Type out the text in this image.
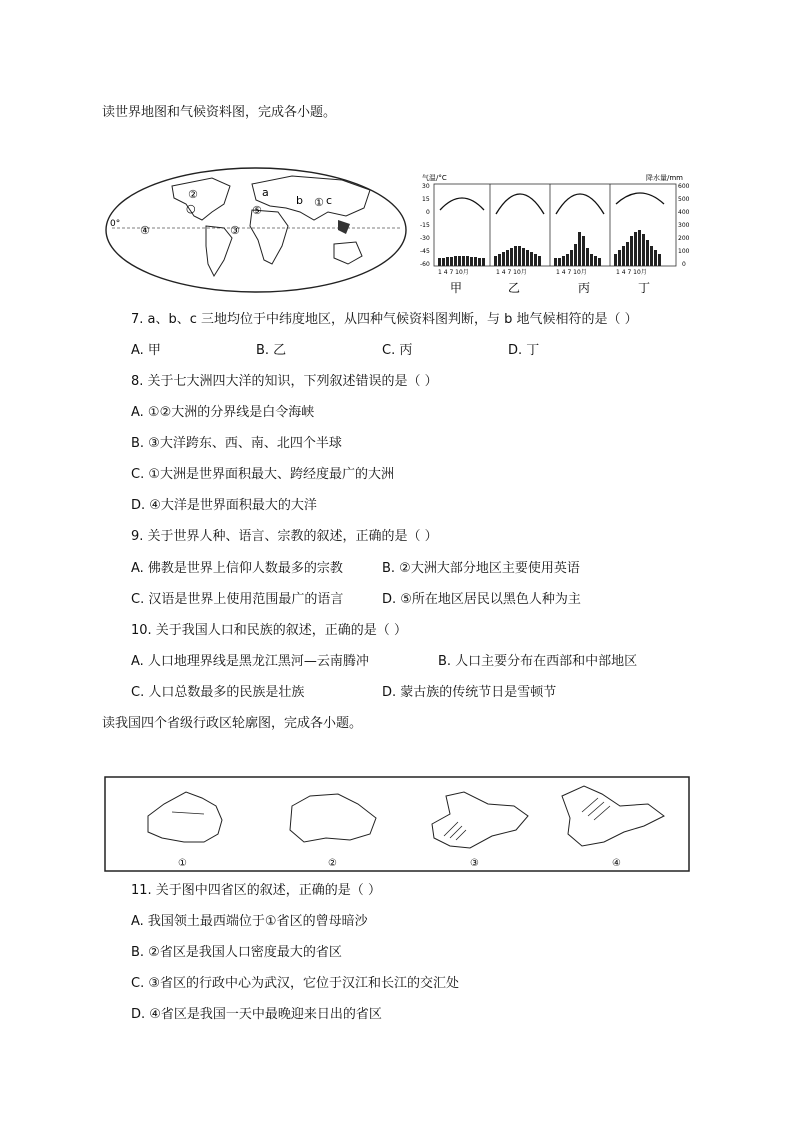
读世界地图和气候资料图，完成各小题。
②
○
④	③
⑤
①
b c
a
0°
气温/°C	降水量/mm
30
15
0
-15
-30
-45
-60
600
500
400
300
200
100
0
1 4 7 10月	1 4 7 10月	1 4 7 10月	1 4 7 10月
甲	乙	丙	丁
7. a、b、c 三地均位于中纬度地区，从四种气候资料图判断，与 b 地气候相符的是（ ）
A. 甲	B. 乙	C. 丙	D. 丁
8. 关于七大洲四大洋的知识，下列叙述错误的是（ ）
A. ①②大洲的分界线是白令海峡
B. ③大洋跨东、西、南、北四个半球
C. ①大洲是世界面积最大、跨经度最广的大洲
D. ④大洋是世界面积最大的大洋
9. 关于世界人种、语言、宗教的叙述，正确的是（ ）
A. 佛教是世界上信仰人数最多的宗教	B. ②大洲大部分地区主要使用英语
C. 汉语是世界上使用范围最广的语言	D. ⑤所在地区居民以黑色人种为主
10. 关于我国人口和民族的叙述，正确的是（ ）
A. 人口地理界线是黑龙江黑河—云南腾冲	B. 人口主要分布在西部和中部地区
C. 人口总数最多的民族是壮族	D. 蒙古族的传统节日是雪顿节
读我国四个省级行政区轮廓图，完成各小题。
①	②	③	④
11. 关于图中四省区的叙述，正确的是（ ）
A. 我国领土最西端位于①省区的曾母暗沙
B. ②省区是我国人口密度最大的省区
C. ③省区的行政中心为武汉，它位于汉江和长江的交汇处
D. ④省区是我国一天中最晚迎来日出的省区
